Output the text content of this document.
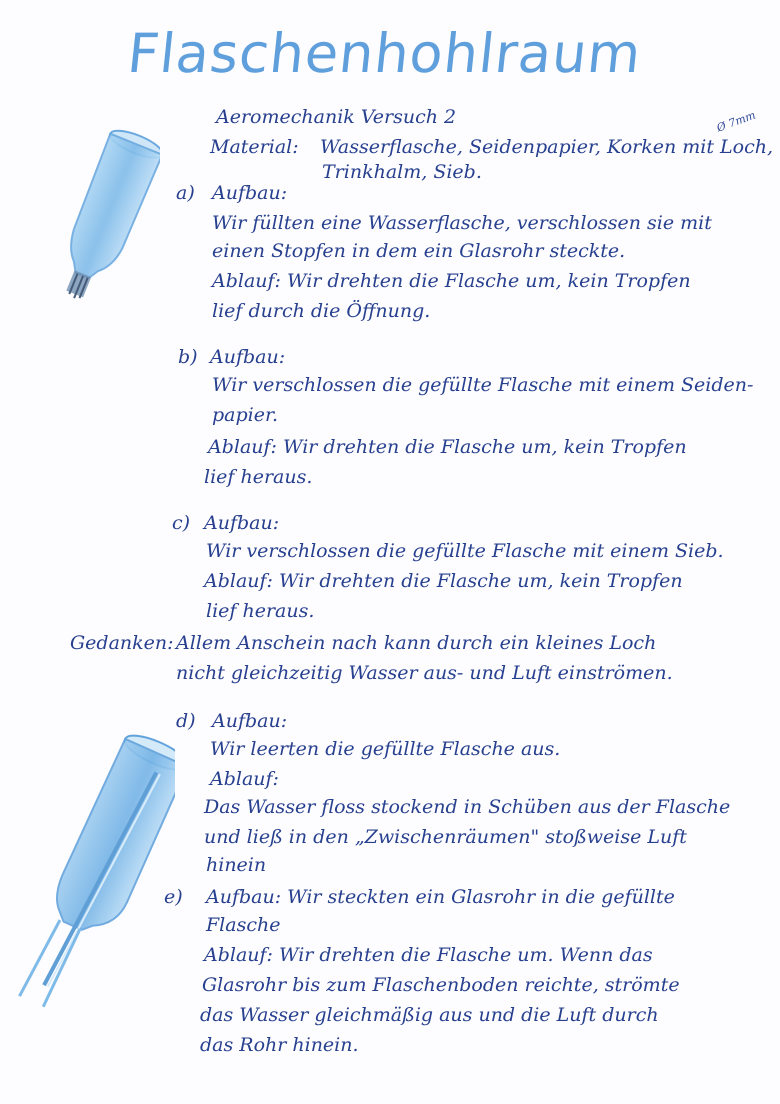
Flaschenhohlraum
Aeromechanik Versuch 2
Material: Wasserflasche, Seidenpapier, Korken mit Loch,
Trinkhalm, Sieb.
Ø 7mm
a) Aufbau:
Wir füllten eine Wasserflasche, verschlossen sie mit
einen Stopfen in dem ein Glasrohr steckte.
Ablauf: Wir drehten die Flasche um, kein Tropfen
lief durch die Öffnung.
b) Aufbau:
Wir verschlossen die gefüllte Flasche mit einem Seiden-
papier.
Ablauf: Wir drehten die Flasche um, kein Tropfen
lief heraus.
c) Aufbau:
Wir verschlossen die gefüllte Flasche mit einem Sieb.
Ablauf: Wir drehten die Flasche um, kein Tropfen
lief heraus.
Gedanken: Allem Anschein nach kann durch ein kleines Loch
nicht gleichzeitig Wasser aus- und Luft einströmen.
d) Aufbau:
Wir leerten die gefüllte Flasche aus.
Ablauf:
Das Wasser floss stockend in Schüben aus der Flasche
und ließ in den „Zwischenräumen" stoßweise Luft
hinein
e) Aufbau: Wir steckten ein Glasrohr in die gefüllte
Flasche
Ablauf: Wir drehten die Flasche um. Wenn das
Glasrohr bis zum Flaschenboden reichte, strömte
das Wasser gleichmäßig aus und die Luft durch
das Rohr hinein.
